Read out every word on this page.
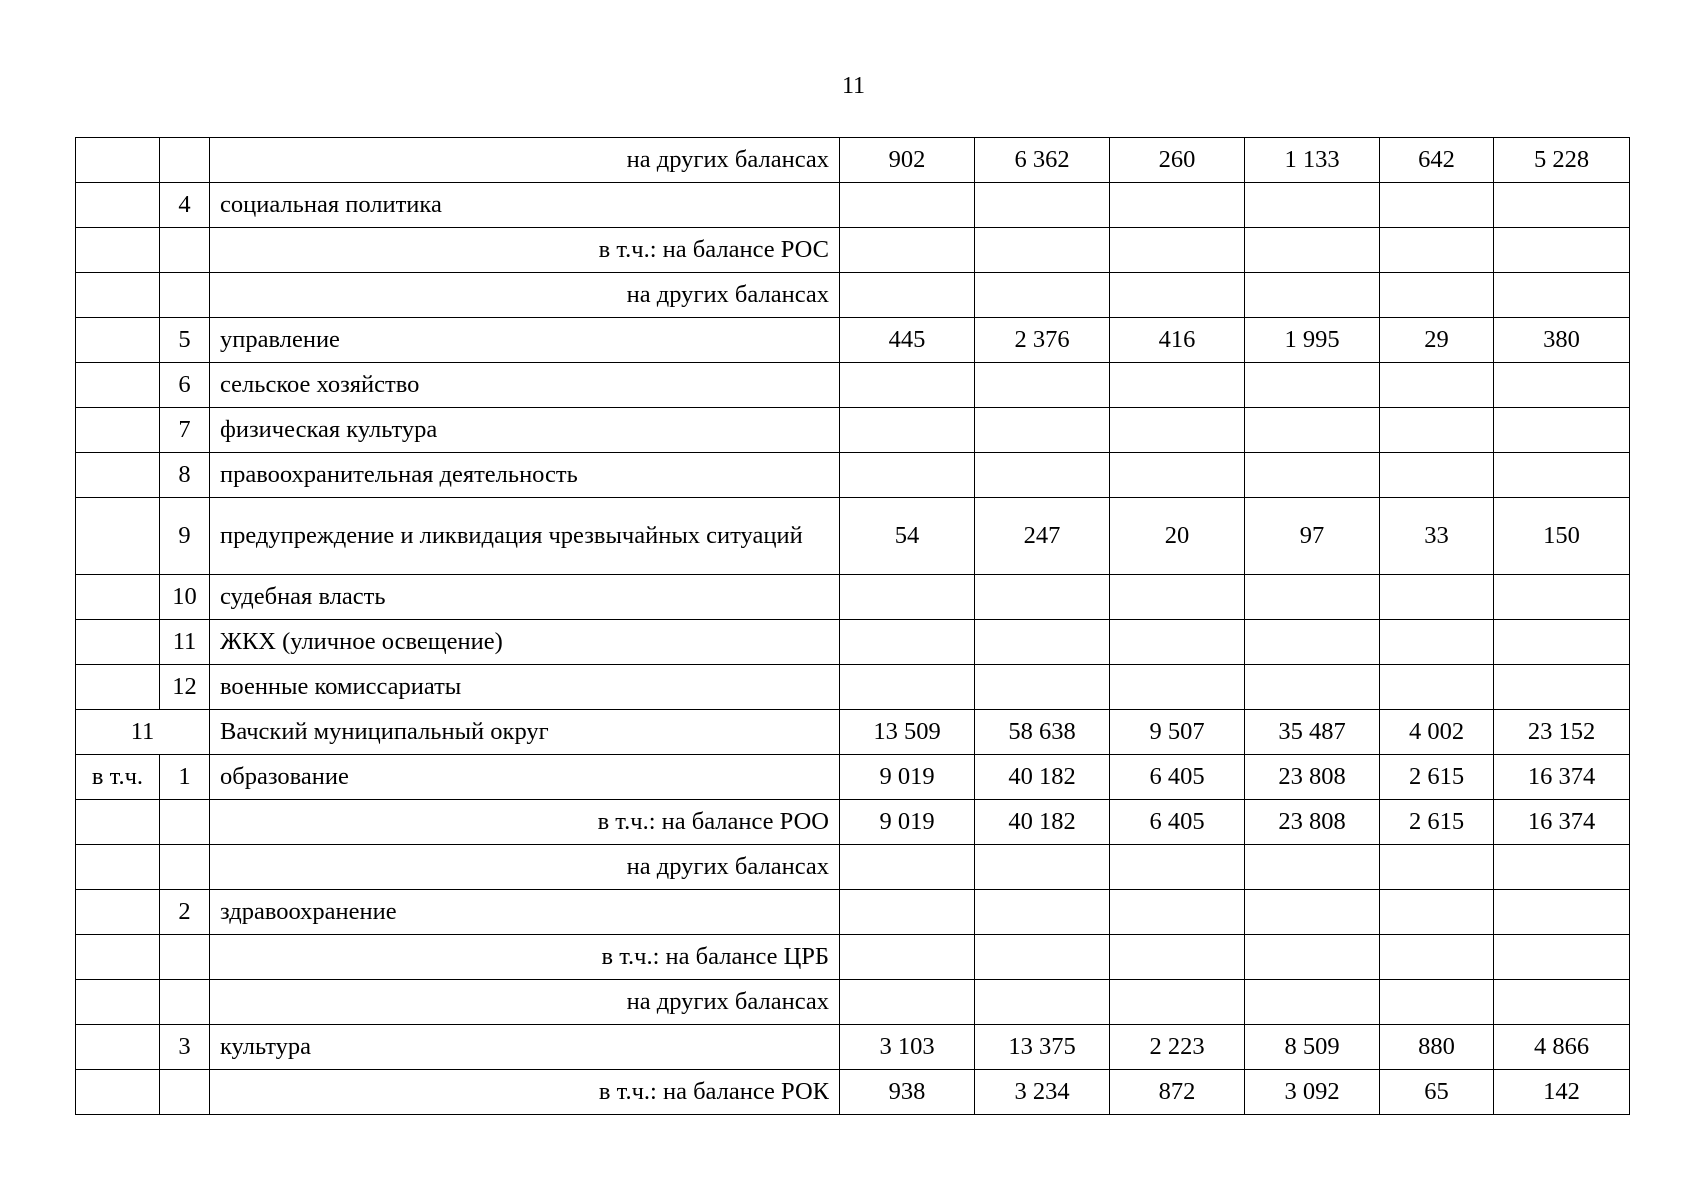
11
		на других балансах	902	6 362	260	1 133	642	5 228
	4	социальная политика						
		в т.ч.: на балансе РОС						
		на других балансах						
	5	управление	445	2 376	416	1 995	29	380
	6	сельское хозяйство						
	7	физическая культура						
	8	правоохранительная деятельность						
	9	предупреждение и ликвидация чрезвычайных ситуаций	54	247	20	97	33	150
	10	судебная власть						
	11	ЖКХ (уличное освещение)						
	12	военные комиссариаты						
11		Вачский муниципальный округ	13 509	58 638	9 507	35 487	4 002	23 152
в т.ч.	1	образование	9 019	40 182	6 405	23 808	2 615	16 374
		в т.ч.: на балансе РОО	9 019	40 182	6 405	23 808	2 615	16 374
		на других балансах						
	2	здравоохранение						
		в т.ч.: на балансе ЦРБ						
		на других балансах						
	3	культура	3 103	13 375	2 223	8 509	880	4 866
		в т.ч.: на балансе РОК	938	3 234	872	3 092	65	142
